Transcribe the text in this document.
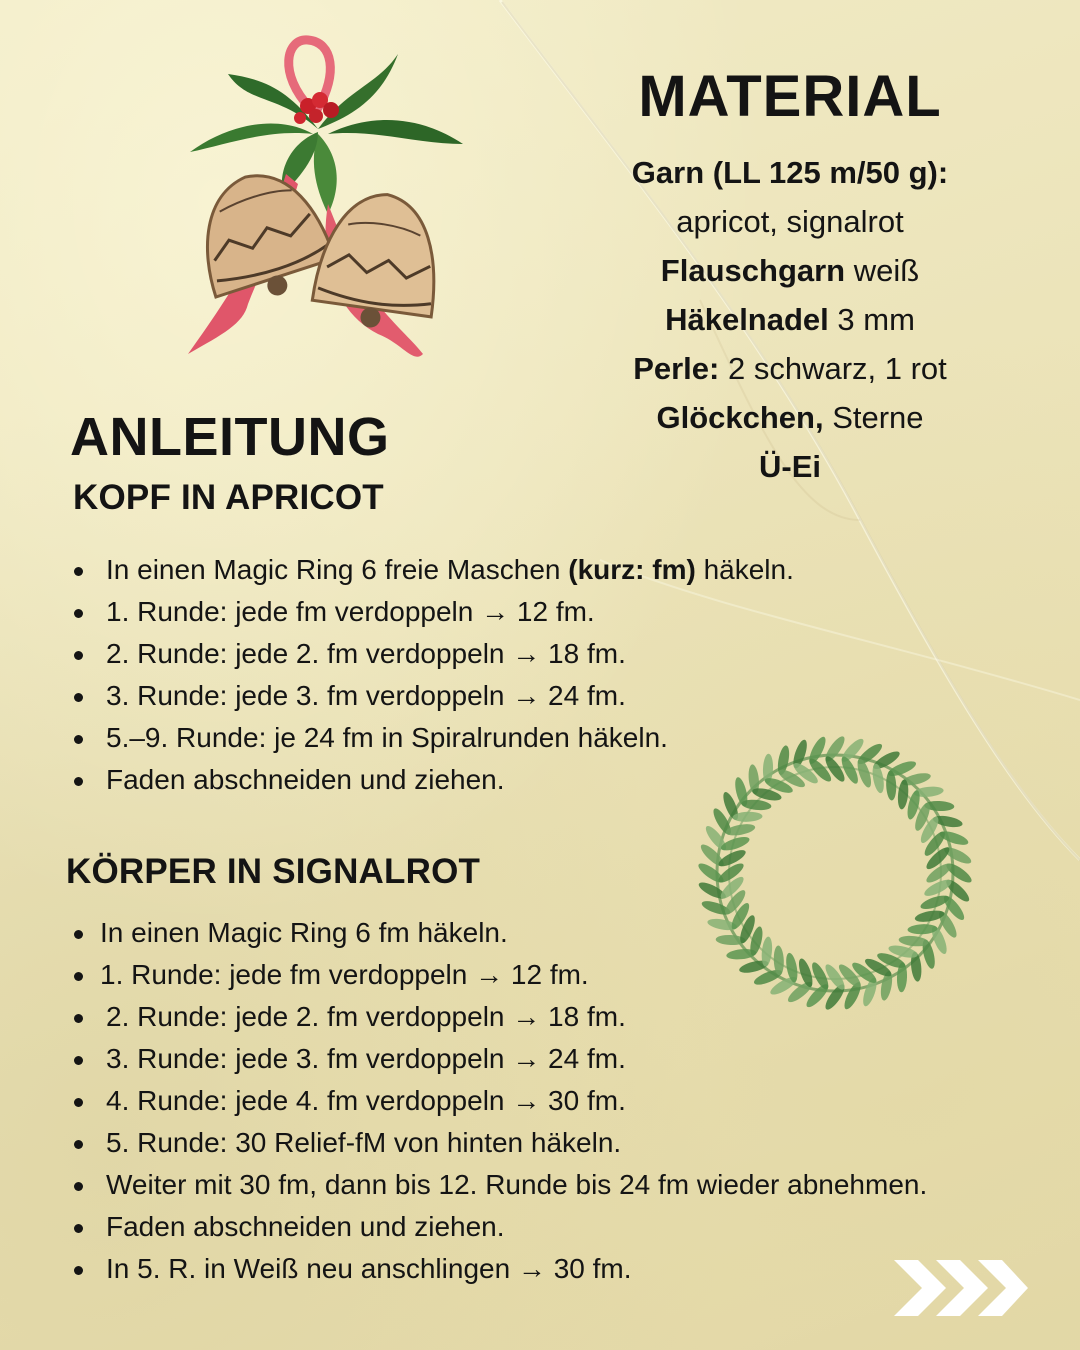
MATERIAL
Garn (LL 125 m/50 g):
apricot, signalrot
Flauschgarn weiß
Häkelnadel 3 mm
Perle: 2 schwarz, 1 rot
Glöckchen, Sterne
Ü-Ei
ANLEITUNG
KOPF IN APRICOT
In einen Magic Ring 6 freie Maschen (kurz: fm) häkeln.
1. Runde: jede fm verdoppeln → 12 fm.
2. Runde: jede 2. fm verdoppeln → 18 fm.
3. Runde: jede 3. fm verdoppeln → 24 fm.
5.–9. Runde: je 24 fm in Spiralrunden häkeln.
Faden abschneiden und ziehen.
KÖRPER IN SIGNALROT
In einen Magic Ring 6 fm häkeln.
1. Runde: jede fm verdoppeln → 12 fm.
2. Runde: jede 2. fm verdoppeln → 18 fm.
3. Runde: jede 3. fm verdoppeln → 24 fm.
4. Runde: jede 4. fm verdoppeln → 30 fm.
5. Runde: 30 Relief-fM von hinten häkeln.
Weiter mit 30 fm, dann bis 12. Runde bis 24 fm wieder abnehmen.
Faden abschneiden und ziehen.
In 5. R. in Weiß neu anschlingen → 30 fm.
